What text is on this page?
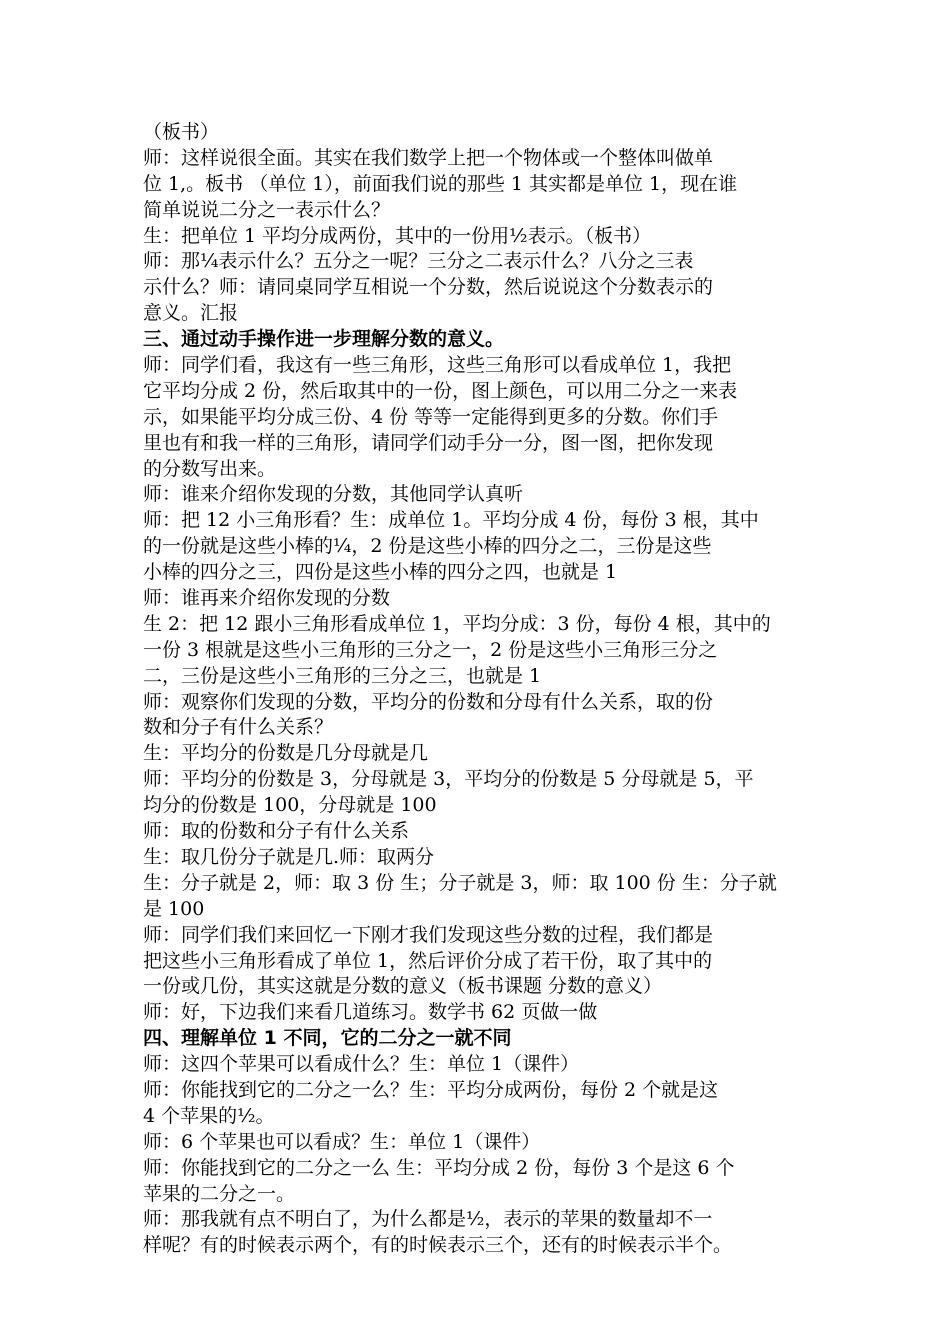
（板书）
师：这样说很全面。其实在我们数学上把一个物体或一个整体叫做单
位 1,。板书 （单位 1），前面我们说的那些 1 其实都是单位 1，现在谁
简单说说二分之一表示什么？
生：把单位 1 平均分成两份，其中的一份用½表示。（板书）
师：那¼表示什么？五分之一呢？三分之二表示什么？八分之三表
示什么？师：请同桌同学互相说一个分数，然后说说这个分数表示的
意义。汇报
三、通过动手操作进一步理解分数的意义。
师：同学们看，我这有一些三角形，这些三角形可以看成单位 1，我把
它平均分成 2 份，然后取其中的一份，图上颜色，可以用二分之一来表
示，如果能平均分成三份、4 份 等等一定能得到更多的分数。你们手
里也有和我一样的三角形，请同学们动手分一分，图一图，把你发现
的分数写出来。
师：谁来介绍你发现的分数，其他同学认真听
师：把 12 小三角形看？生：成单位 1。平均分成 4 份，每份 3 根，其中
的一份就是这些小棒的¼，2 份是这些小棒的四分之二，三份是这些
小棒的四分之三，四份是这些小棒的四分之四，也就是 1
师：谁再来介绍你发现的分数
生 2：把 12 跟小三角形看成单位 1，平均分成：3 份，每份 4 根，其中的
一份 3 根就是这些小三角形的三分之一，2 份是这些小三角形三分之
二，三份是这些小三角形的三分之三，也就是 1
师：观察你们发现的分数，平均分的份数和分母有什么关系，取的份
数和分子有什么关系？
生：平均分的份数是几分母就是几
师：平均分的份数是 3，分母就是 3，平均分的份数是 5 分母就是 5，平
均分的份数是 100，分母就是 100
师：取的份数和分子有什么关系
生：取几份分子就是几.师：取两分
生：分子就是 2，师：取 3 份 生；分子就是 3，师：取 100 份 生：分子就
是 100
师：同学们我们来回忆一下刚才我们发现这些分数的过程，我们都是
把这些小三角形看成了单位 1，然后评价分成了若干份，取了其中的
一份或几份，其实这就是分数的意义（板书课题 分数的意义）
师：好，下边我们来看几道练习。数学书 62 页做一做
四、理解单位 1 不同，它的二分之一就不同
师：这四个苹果可以看成什么？生：单位 1（课件）
师：你能找到它的二分之一么？生：平均分成两份，每份 2 个就是这
4 个苹果的½。
师：6 个苹果也可以看成？生：单位 1（课件）
师：你能找到它的二分之一么 生：平均分成 2 份，每份 3 个是这 6 个
苹果的二分之一。
师：那我就有点不明白了，为什么都是½，表示的苹果的数量却不一
样呢？有的时候表示两个，有的时候表示三个，还有的时候表示半个。
